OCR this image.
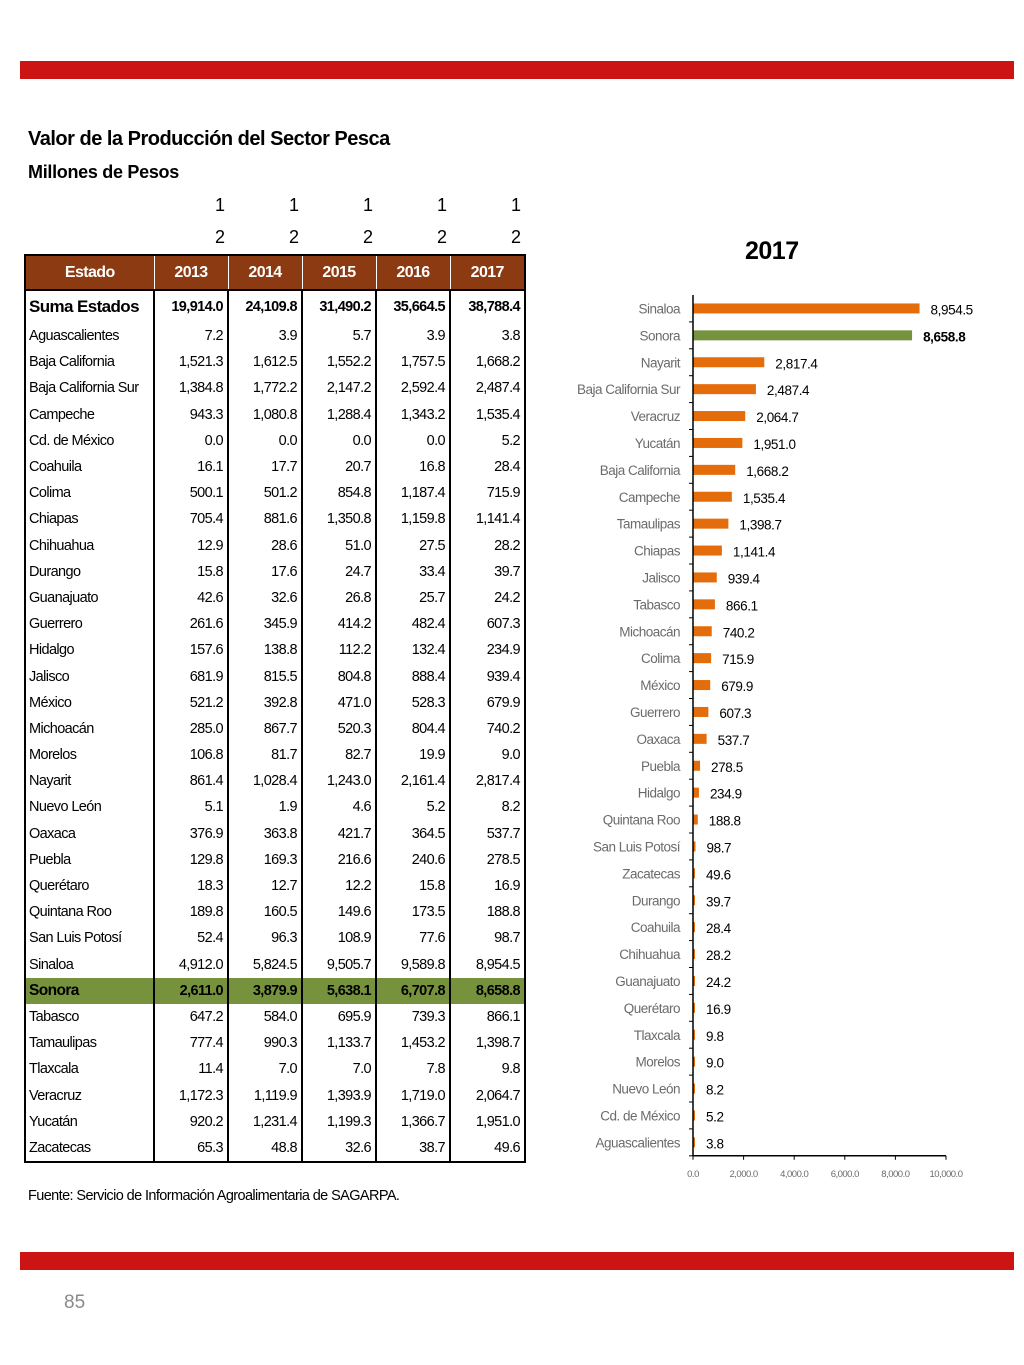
Valor de la Producción del Sector Pesca
Millones de Pesos
1	1	1	1	1
2	2	2	2	2
Estado	2013	2014	2015	2016	2017
Suma Estados	19,914.0	24,109.8	31,490.2	35,664.5	38,788.4
Aguascalientes	7.2	3.9	5.7	3.9	3.8
Baja California	1,521.3	1,612.5	1,552.2	1,757.5	1,668.2
Baja California Sur	1,384.8	1,772.2	2,147.2	2,592.4	2,487.4
Campeche	943.3	1,080.8	1,288.4	1,343.2	1,535.4
Cd. de México	0.0	0.0	0.0	0.0	5.2
Coahuila	16.1	17.7	20.7	16.8	28.4
Colima	500.1	501.2	854.8	1,187.4	715.9
Chiapas	705.4	881.6	1,350.8	1,159.8	1,141.4
Chihuahua	12.9	28.6	51.0	27.5	28.2
Durango	15.8	17.6	24.7	33.4	39.7
Guanajuato	42.6	32.6	26.8	25.7	24.2
Guerrero	261.6	345.9	414.2	482.4	607.3
Hidalgo	157.6	138.8	112.2	132.4	234.9
Jalisco	681.9	815.5	804.8	888.4	939.4
México	521.2	392.8	471.0	528.3	679.9
Michoacán	285.0	867.7	520.3	804.4	740.2
Morelos	106.8	81.7	82.7	19.9	9.0
Nayarit	861.4	1,028.4	1,243.0	2,161.4	2,817.4
Nuevo León	5.1	1.9	4.6	5.2	8.2
Oaxaca	376.9	363.8	421.7	364.5	537.7
Puebla	129.8	169.3	216.6	240.6	278.5
Querétaro	18.3	12.7	12.2	15.8	16.9
Quintana Roo	189.8	160.5	149.6	173.5	188.8
San Luis Potosí	52.4	96.3	108.9	77.6	98.7
Sinaloa	4,912.0	5,824.5	9,505.7	9,589.8	8,954.5
Sonora	2,611.0	3,879.9	5,638.1	6,707.8	8,658.8
Tabasco	647.2	584.0	695.9	739.3	866.1
Tamaulipas	777.4	990.3	1,133.7	1,453.2	1,398.7
Tlaxcala	11.4	7.0	7.0	7.8	9.8
Veracruz	1,172.3	1,119.9	1,393.9	1,719.0	2,064.7
Yucatán	920.2	1,231.4	1,199.3	1,366.7	1,951.0
Zacatecas	65.3	48.8	32.6	38.7	49.6
Fuente: Servicio de Información Agroalimentaria de SAGARPA.
2017
Sinaloa	8,954.5
Sonora	8,658.8
Nayarit	2,817.4
Baja California Sur	2,487.4
Veracruz	2,064.7
Yucatán	1,951.0
Baja California	1,668.2
Campeche	1,535.4
Tamaulipas	1,398.7
Chiapas	1,141.4
Jalisco	939.4
Tabasco	866.1
Michoacán	740.2
Colima	715.9
México	679.9
Guerrero	607.3
Oaxaca	537.7
Puebla 278.5
Hidalgo 234.9
Quintana Roo 188.8
San Luis Potosí 98.7
Zacatecas 49.6
Durango 39.7
Coahuila 28.4
Chihuahua 28.2
Guanajuato 24.2
Querétaro 16.9
Tlaxcala 9.8
Morelos 9.0
Nuevo León 8.2
Cd. de México 5.2
Aguascalientes 3.8
0.0	2,000.0 4,000.0 6,000.0 8,000.0 10,000.0
85
